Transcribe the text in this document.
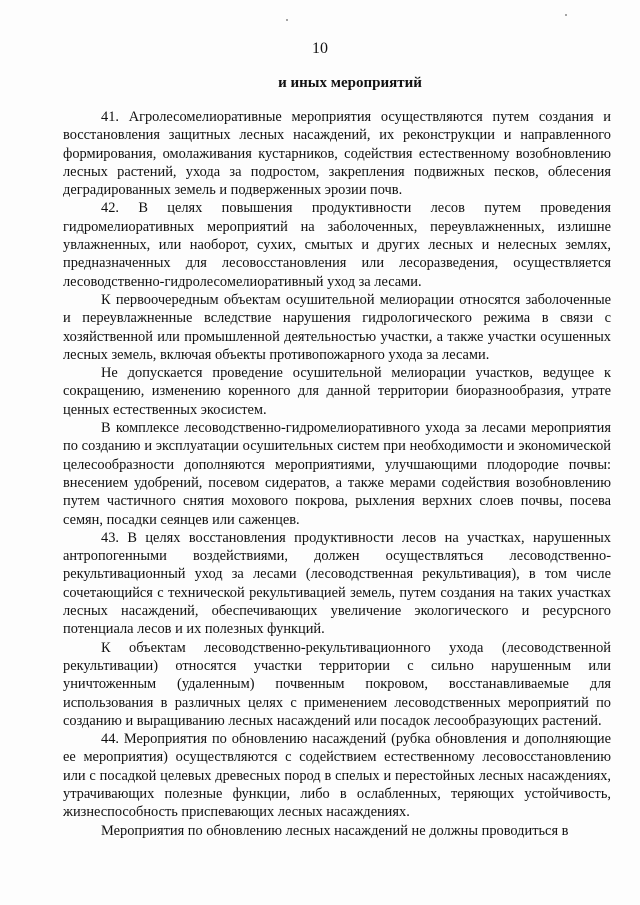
10
и иных мероприятий

41. Агролесомелиоративные мероприятия осуществляются путем создания и восстановления защитных лесных насаждений, их реконструкции и направленного формирования, омолаживания кустарников, содействия естественному возобновлению лесных растений, ухода за подростом, закрепления подвижных песков, облесения деградированных земель и подверженных эрозии почв.

42. В целях повышения продуктивности лесов путем проведения гидромелиоративных мероприятий на заболоченных, переувлажненных, излишне увлажненных, или наоборот, сухих, смытых и других лесных и нелесных землях, предназначенных для лесовосстановления или лесоразведения, осуществляется лесоводственно-гидролесомелиоративный уход за лесами.

К первоочередным объектам осушительной мелиорации относятся заболоченные и переувлажненные вследствие нарушения гидрологического режима в связи с хозяйственной или промышленной деятельностью участки, а также участки осушенных лесных земель, включая объекты противопожарного ухода за лесами.

Не допускается проведение осушительной мелиорации участков, ведущее к сокращению, изменению коренного для данной территории биоразнообразия, утрате ценных естественных экосистем.

В комплексе лесоводственно-гидромелиоративного ухода за лесами мероприятия по созданию и эксплуатации осушительных систем при необходимости и экономической целесообразности дополняются мероприятиями, улучшающими плодородие почвы: внесением удобрений, посевом сидератов, а также мерами содействия возобновлению путем частичного снятия мохового покрова, рыхления верхних слоев почвы, посева семян, посадки сеянцев или саженцев.

43. В целях восстановления продуктивности лесов на участках, нарушенных антропогенными воздействиями, должен осуществляться лесоводственно-рекультивационный уход за лесами (лесоводственная рекультивация), в том числе сочетающийся с технической рекультивацией земель, путем создания на таких участках лесных насаждений, обеспечивающих увеличение экологического и ресурсного потенциала лесов и их полезных функций.

К объектам лесоводственно-рекультивационного ухода (лесоводственной рекультивации) относятся участки территории с сильно нарушенным или уничтоженным (удаленным) почвенным покровом, восстанавливаемые для использования в различных целях с применением лесоводственных мероприятий по созданию и выращиванию лесных насаждений или посадок лесообразующих растений.

44. Мероприятия по обновлению насаждений (рубка обновления и дополняющие ее мероприятия) осуществляются с содействием естественному лесовосстановлению или с посадкой целевых древесных пород в спелых и перестойных лесных насаждениях, утрачивающих полезные функции, либо в ослабленных, теряющих устойчивость, жизнеспособность приспевающих лесных насаждениях.

Мероприятия по обновлению лесных насаждений не должны проводиться в
